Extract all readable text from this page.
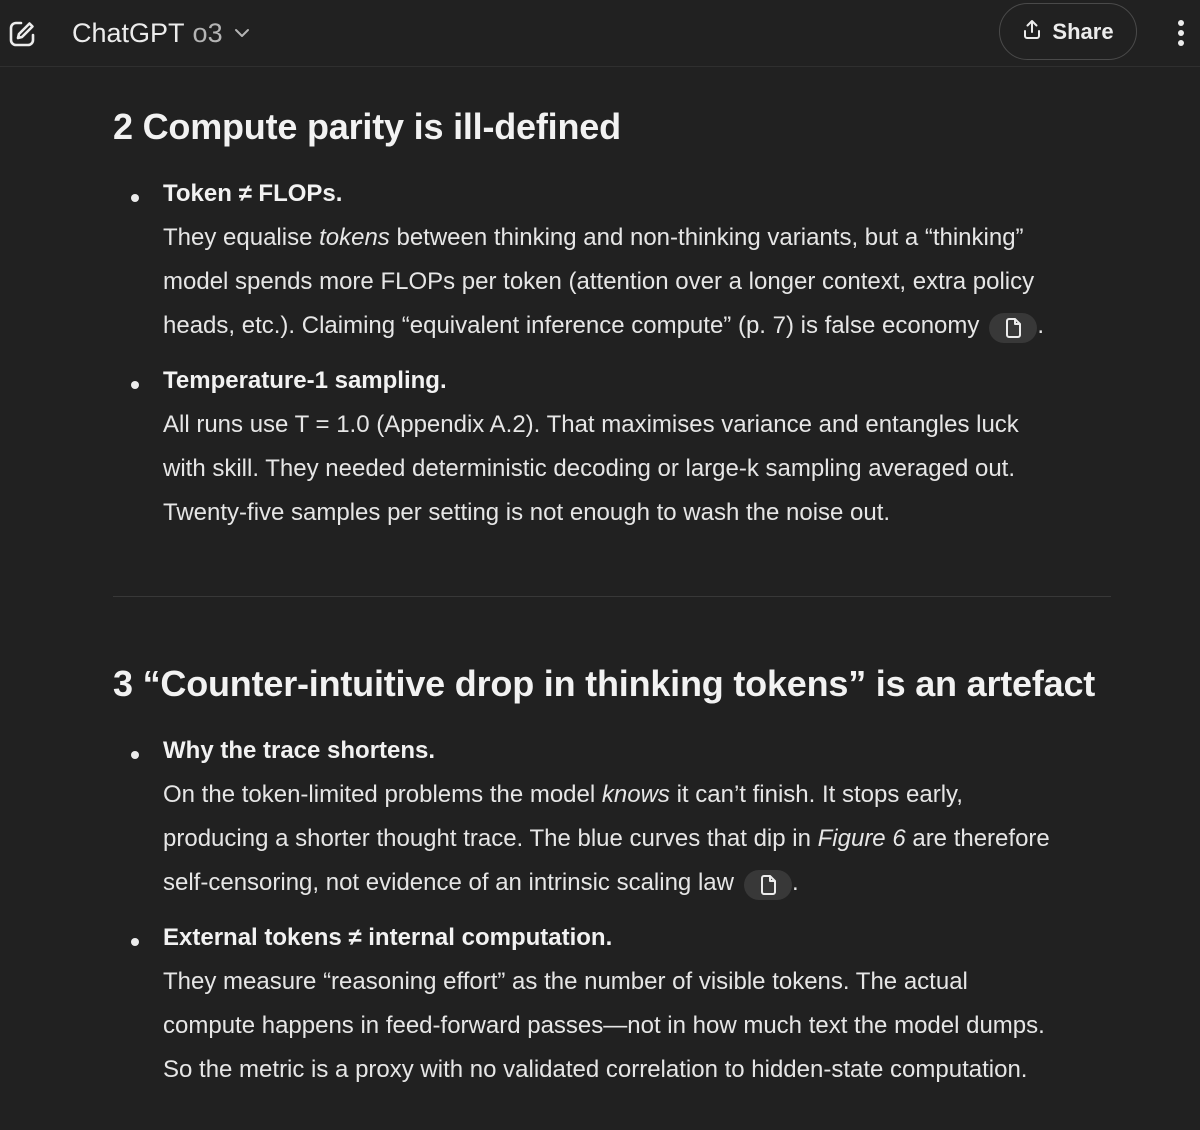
ChatGPT o3	Share
2 Compute parity is ill-defined
Token ≠ FLOPs.
They equalise tokens between thinking and non-thinking variants, but a “thinking”
model spends more FLOPs per token (attention over a longer context, extra policy
heads, etc.). Claiming “equivalent inference compute” (p. 7) is false economy .
Temperature-1 sampling.
All runs use T = 1.0 (Appendix A.2). That maximises variance and entangles luck
with skill. They needed deterministic decoding or large-k sampling averaged out.
Twenty-five samples per setting is not enough to wash the noise out.
3 “Counter-intuitive drop in thinking tokens” is an artefact
Why the trace shortens.
On the token-limited problems the model knows it can’t finish. It stops early,
producing a shorter thought trace. The blue curves that dip in Figure 6 are therefore
self-censoring, not evidence of an intrinsic scaling law .
External tokens ≠ internal computation.
They measure “reasoning effort” as the number of visible tokens. The actual
compute happens in feed-forward passes—not in how much text the model dumps.
So the metric is a proxy with no validated correlation to hidden-state computation.
